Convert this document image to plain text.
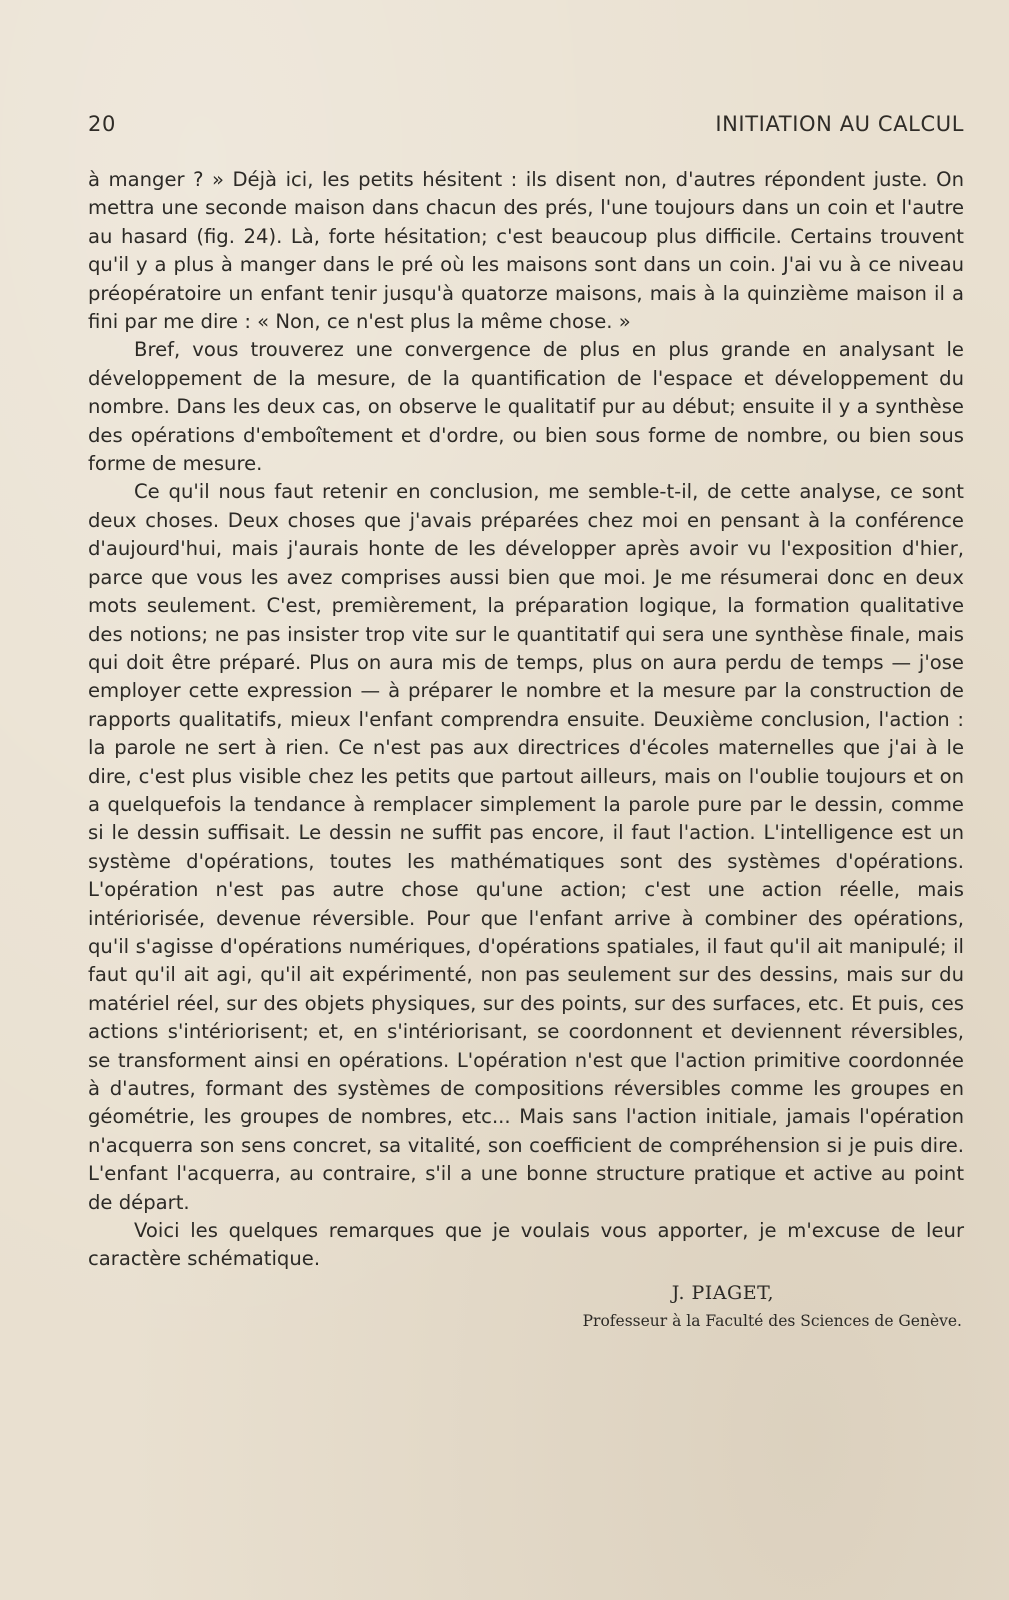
20	INITIATION AU CALCUL

à manger ? » Déjà ici, les petits hésitent : ils disent non, d'autres répondent juste. On mettra une seconde maison dans chacun des prés, l'une toujours dans un coin et l'autre au hasard (fig. 24). Là, forte hésitation; c'est beaucoup plus difficile. Certains trouvent qu'il y a plus à manger dans le pré où les maisons sont dans un coin. J'ai vu à ce niveau préopératoire un enfant tenir jusqu'à quatorze maisons, mais à la quinzième maison il a fini par me dire : « Non, ce n'est plus la même chose. »

Bref, vous trouverez une convergence de plus en plus grande en analysant le développement de la mesure, de la quantification de l'espace et développement du nombre. Dans les deux cas, on observe le qualitatif pur au début; ensuite il y a synthèse des opérations d'emboîtement et d'ordre, ou bien sous forme de nombre, ou bien sous forme de mesure.

Ce qu'il nous faut retenir en conclusion, me semble-t-il, de cette analyse, ce sont deux choses. Deux choses que j'avais préparées chez moi en pensant à la conférence d'aujourd'hui, mais j'aurais honte de les développer après avoir vu l'exposition d'hier, parce que vous les avez comprises aussi bien que moi. Je me résumerai donc en deux mots seulement. C'est, premièrement, la préparation logique, la formation qualitative des notions; ne pas insister trop vite sur le quantitatif qui sera une synthèse finale, mais qui doit être préparé. Plus on aura mis de temps, plus on aura perdu de temps — j'ose employer cette expression — à préparer le nombre et la mesure par la construction de rapports qualitatifs, mieux l'enfant comprendra ensuite. Deuxième conclusion, l'action : la parole ne sert à rien. Ce n'est pas aux directrices d'écoles maternelles que j'ai à le dire, c'est plus visible chez les petits que partout ailleurs, mais on l'oublie toujours et on a quelquefois la tendance à remplacer simplement la parole pure par le dessin, comme si le dessin suffisait. Le dessin ne suffit pas encore, il faut l'action. L'intelligence est un système d'opérations, toutes les mathématiques sont des systèmes d'opérations. L'opération n'est pas autre chose qu'une action; c'est une action réelle, mais intériorisée, devenue réversible. Pour que l'enfant arrive à combiner des opérations, qu'il s'agisse d'opérations numériques, d'opérations spatiales, il faut qu'il ait manipulé; il faut qu'il ait agi, qu'il ait expérimenté, non pas seulement sur des dessins, mais sur du matériel réel, sur des objets physiques, sur des points, sur des surfaces, etc. Et puis, ces actions s'intériorisent; et, en s'intériorisant, se coordonnent et deviennent réversibles, se transforment ainsi en opérations. L'opération n'est que l'action primitive coordonnée à d'autres, formant des systèmes de compositions réversibles comme les groupes en géométrie, les groupes de nombres, etc... Mais sans l'action initiale, jamais l'opération n'acquerra son sens concret, sa vitalité, son coefficient de compréhension si je puis dire. L'enfant l'acquerra, au contraire, s'il a une bonne structure pratique et active au point de départ.

Voici les quelques remarques que je voulais vous apporter, je m'excuse de leur caractère schématique.

J. PIAGET,
Professeur à la Faculté des Sciences de Genève.
